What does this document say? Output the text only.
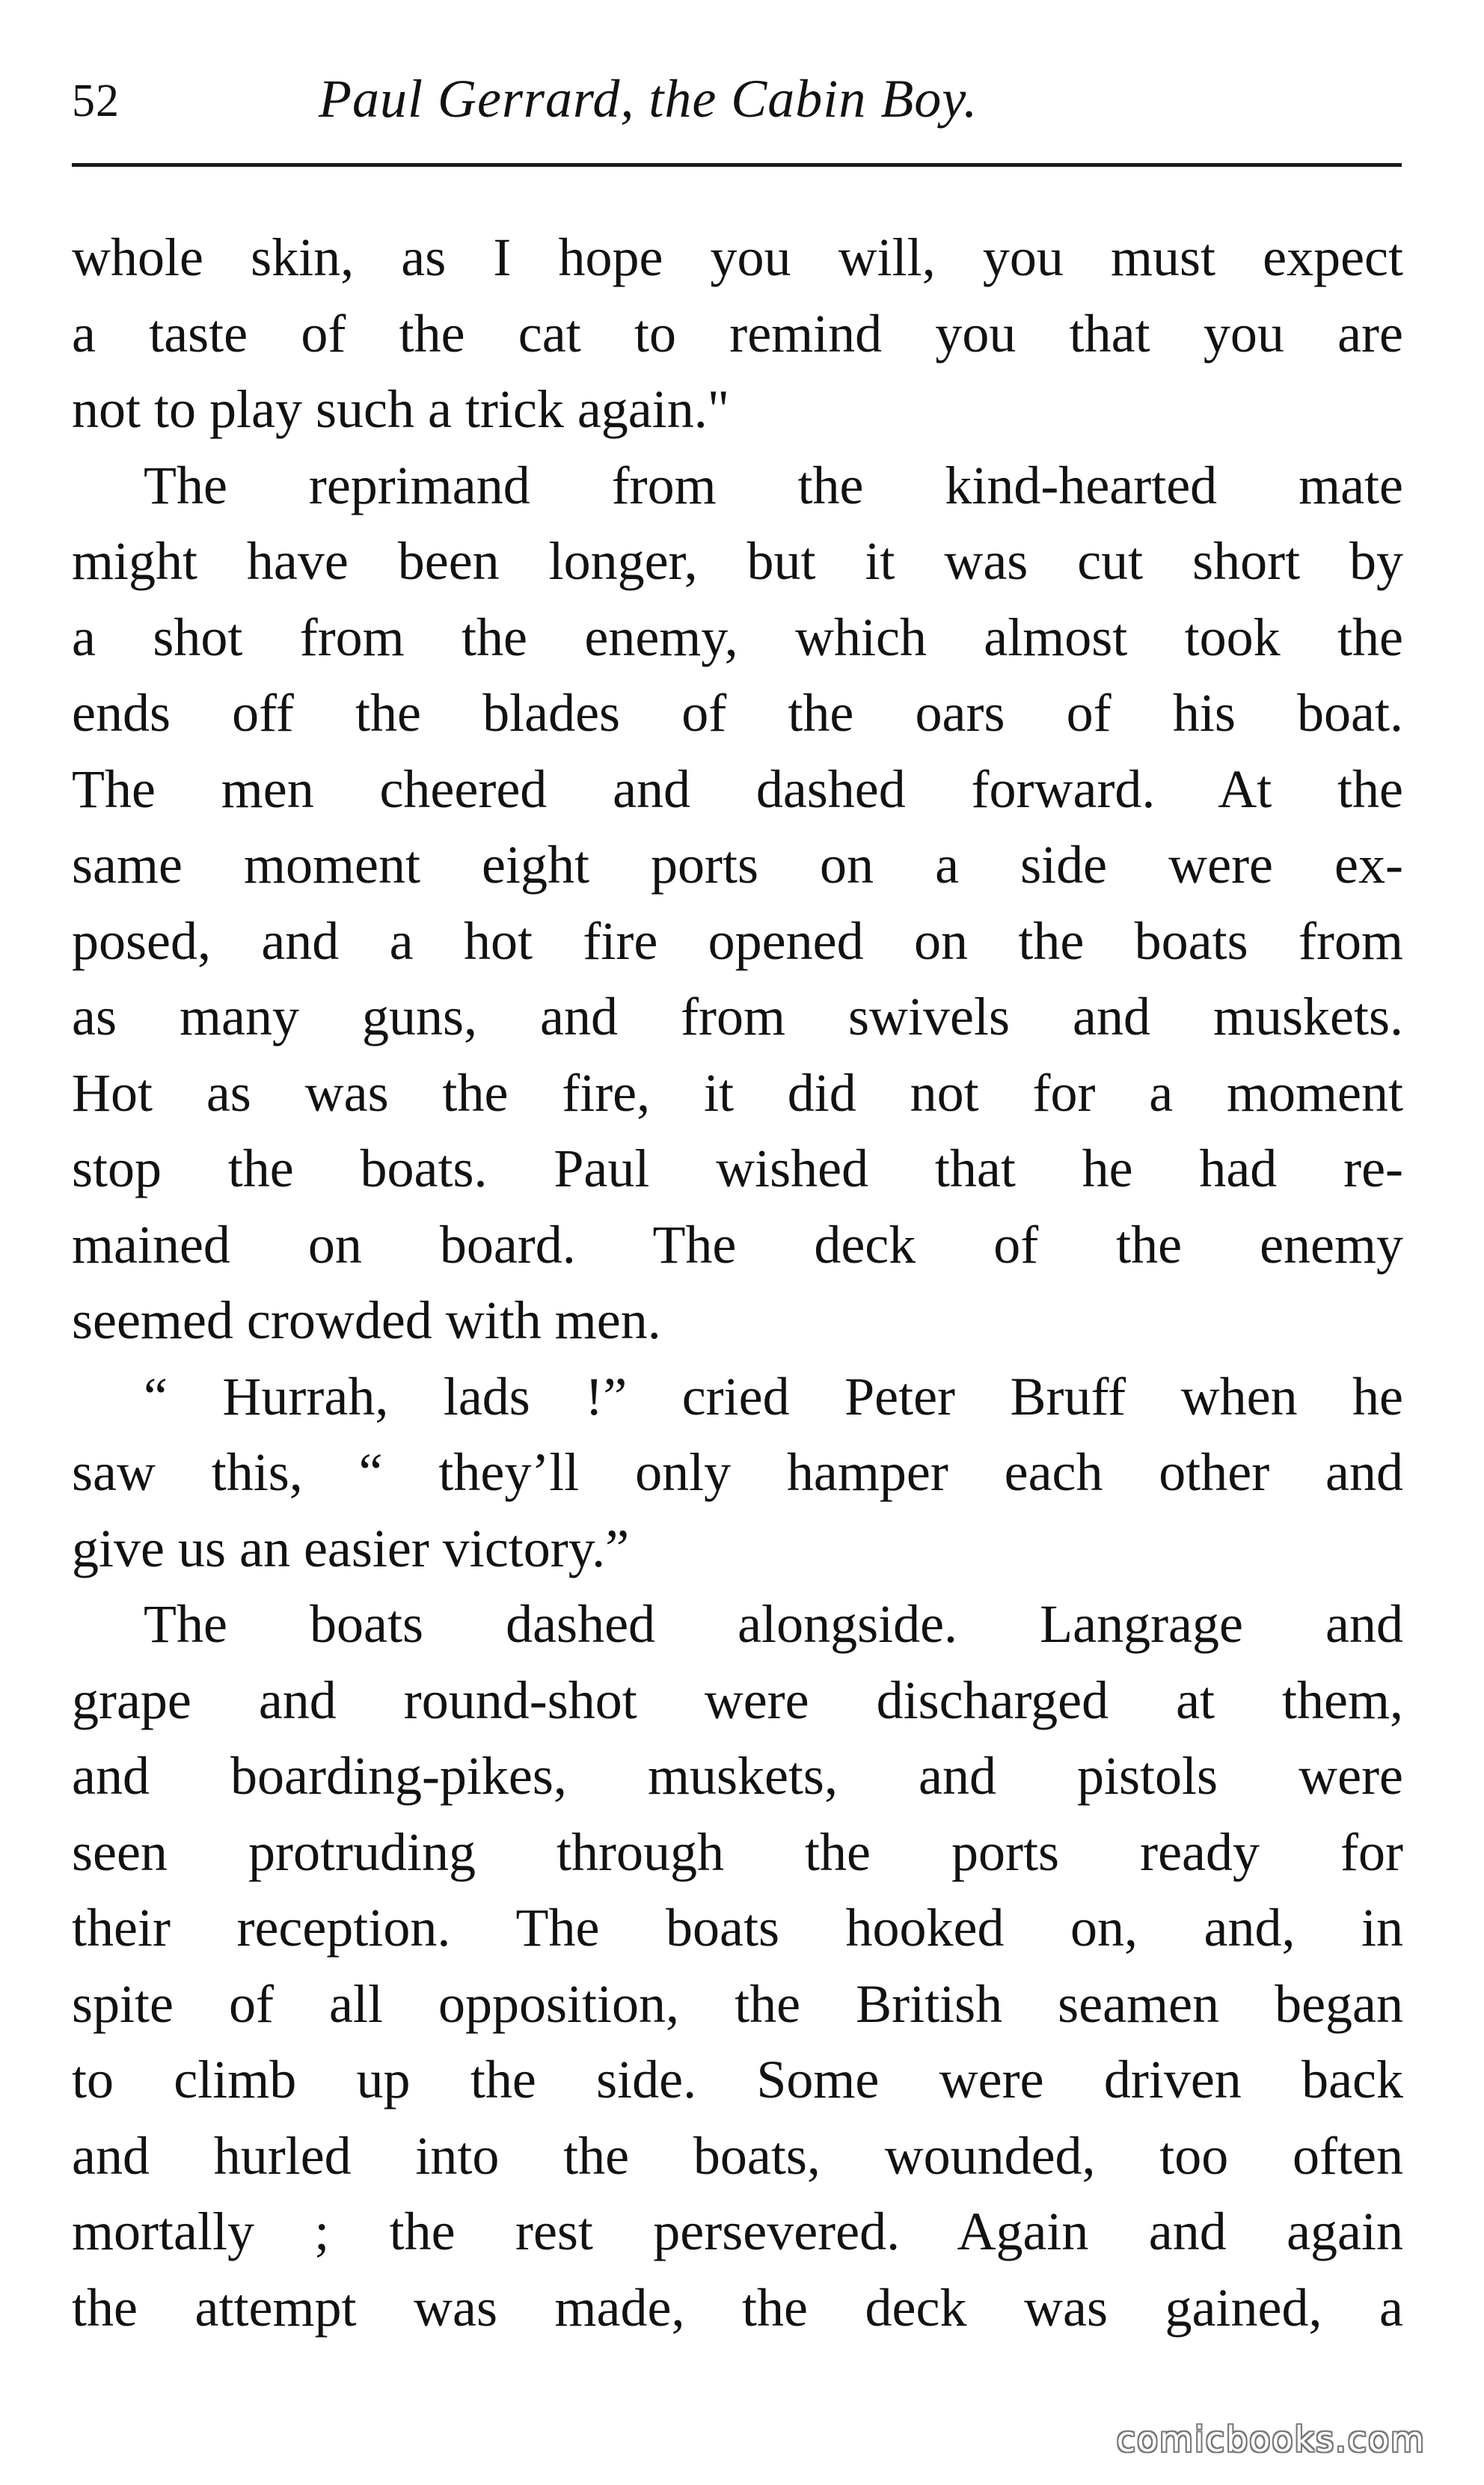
52	Paul Gerrard, the Cabin Boy.
whole skin, as I hope you will, you must expect
a taste of the cat to remind you that you are
not to play such a trick again."
The reprimand from the kind-hearted mate
might have been longer, but it was cut short by
a shot from the enemy, which almost took the
ends off the blades of the oars of his boat.
The men cheered and dashed forward. At the
same moment eight ports on a side were ex-
posed, and a hot fire opened on the boats from
as many guns, and from swivels and muskets.
Hot as was the fire, it did not for a moment
stop the boats. Paul wished that he had re-
mained on board. The deck of the enemy
seemed crowded with men.
“ Hurrah, lads !” cried Peter Bruff when he
saw this, “ they’ll only hamper each other and
give us an easier victory.”
The boats dashed alongside. Langrage and
grape and round-shot were discharged at them,
and boarding-pikes, muskets, and pistols were
seen protruding through the ports ready for
their reception. The boats hooked on, and, in
spite of all opposition, the British seamen began
to climb up the side. Some were driven back
and hurled into the boats, wounded, too often
mortally ; the rest persevered. Again and again
the attempt was made, the deck was gained, a
comicbooks.com
